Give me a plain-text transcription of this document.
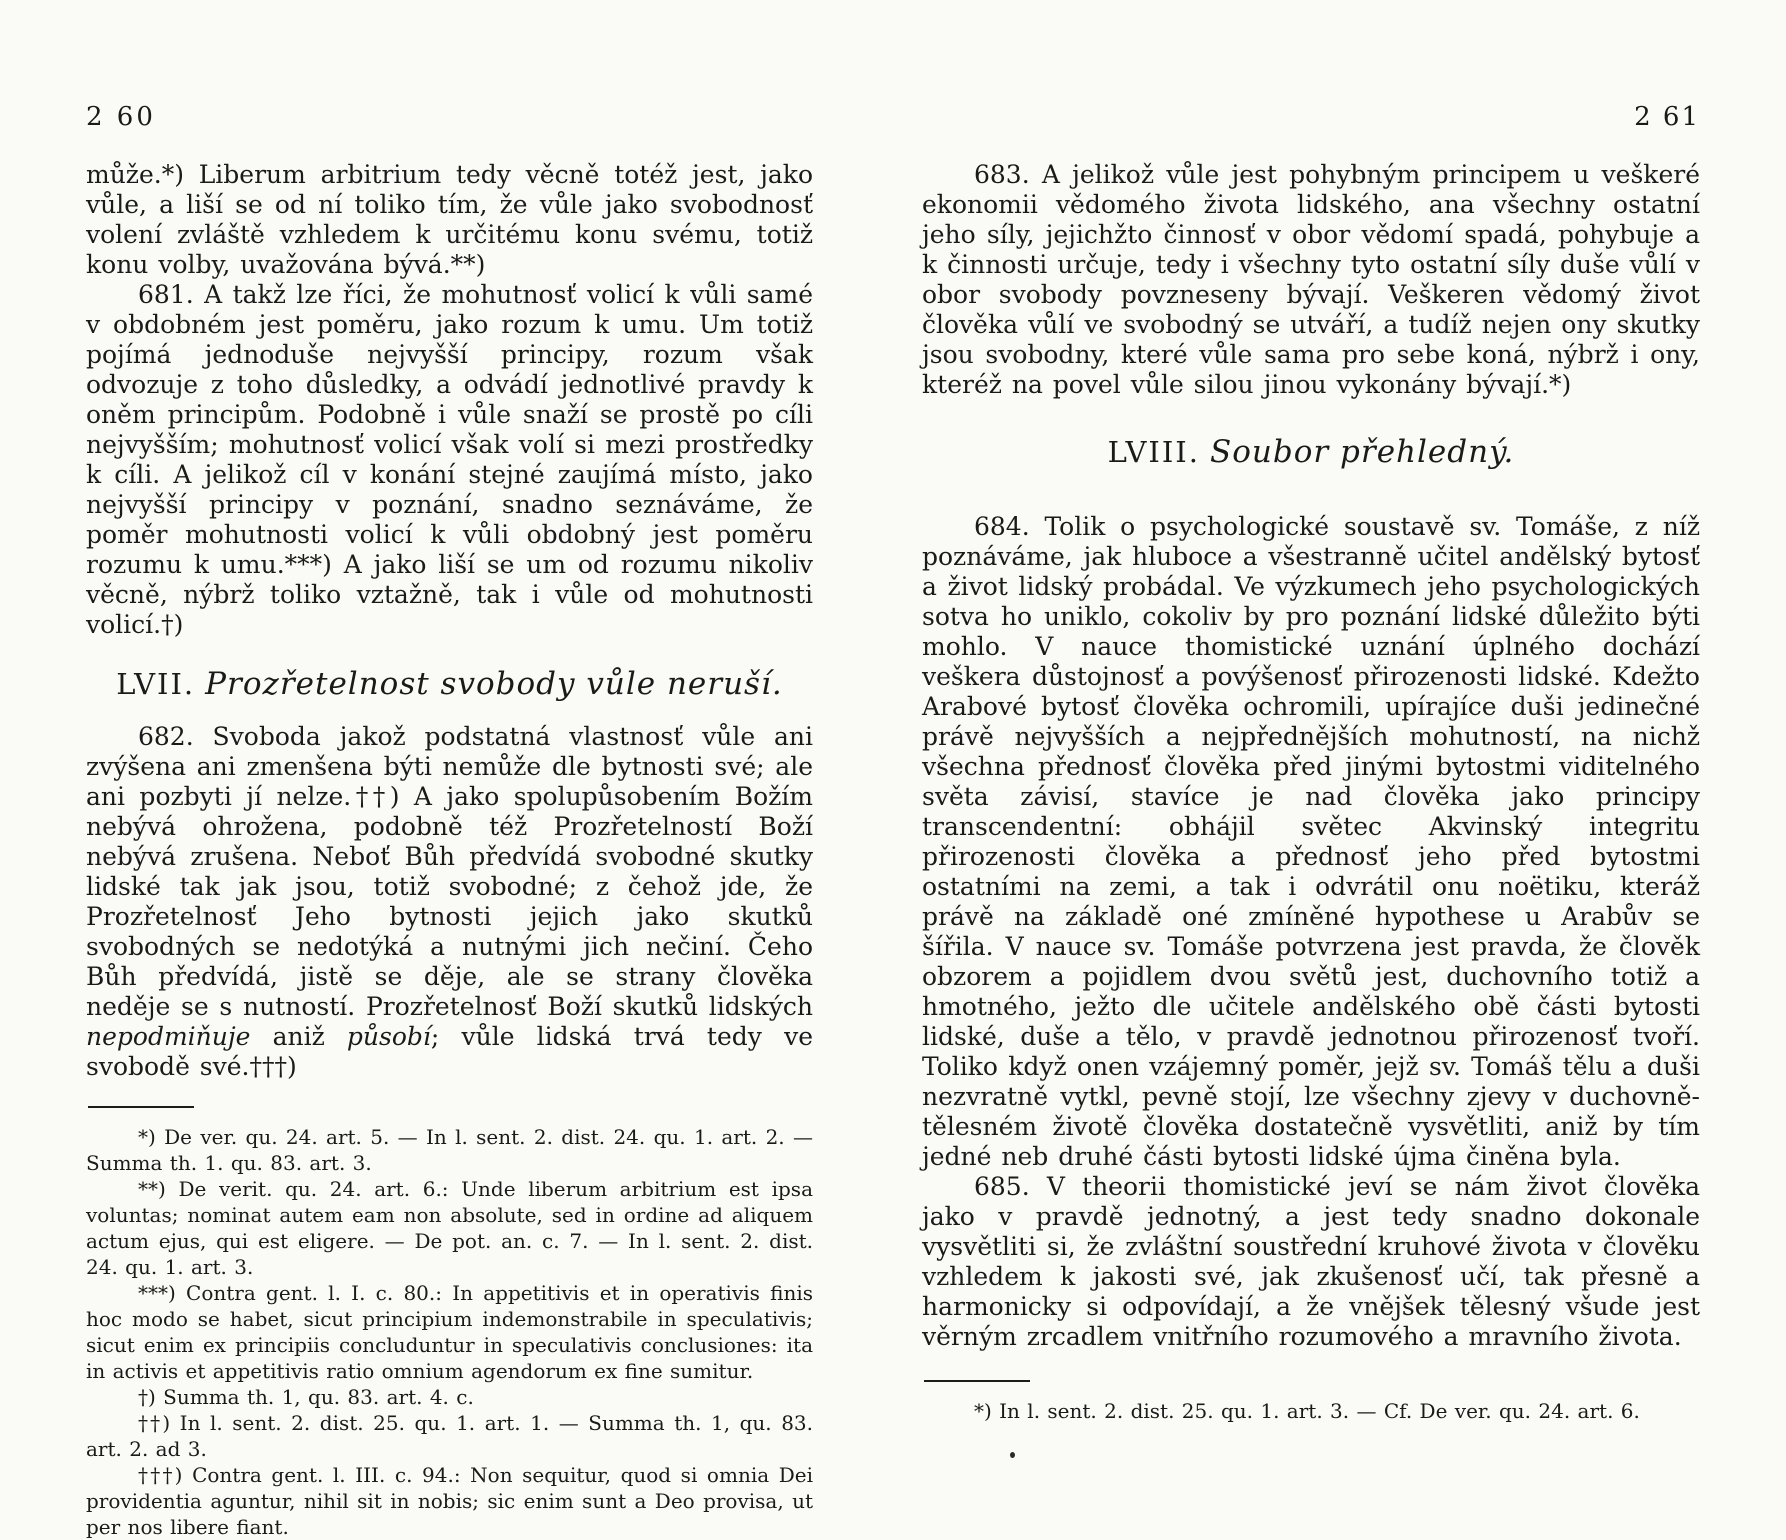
2 60

může.*) Liberum arbitrium tedy věcně totéž jest, jako vůle, a liší se od ní toliko tím, že vůle jako svobodnosť volení zvláště vzhledem k určitému konu svému, totiž konu volby, uvažována bývá.**)

681. A takž lze říci, že mohutnosť volicí k vůli samé v obdobném jest poměru, jako rozum k umu. Um totiž pojímá jednoduše nejvyšší principy, rozum však odvozuje z toho důsledky, a odvádí jednotlivé pravdy k oněm principům. Podobně i vůle snaží se prostě po cíli nejvyšším; mohutnosť volicí však volí si mezi prostředky k cíli. A jelikož cíl v konání stejné zaujímá místo, jako nejvyšší principy v poznání, snadno seznáváme, že poměr mohutnosti volicí k vůli obdobný jest poměru rozumu k umu.***) A jako liší se um od rozumu nikoliv věcně, nýbrž toliko vztažně, tak i vůle od mohutnosti volicí.†)

LVII. Prozřetelnost svobody vůle neruší.

682. Svoboda jakož podstatná vlastnosť vůle ani zvýšena ani zmenšena býti nemůže dle bytnosti své; ale ani pozbyti jí nelze.††) A jako spolupůsobením Božím nebývá ohrožena, podobně též Prozřetelností Boží nebývá zrušena. Neboť Bůh předvídá svobodné skutky lidské tak jak jsou, totiž svobodné; z čehož jde, že Prozřetelnosť Jeho bytnosti jejich jako skutků svobodných se nedotýká a nutnými jich nečiní. Čeho Bůh předvídá, jistě se děje, ale se strany člověka neděje se s nutností. Prozřetelnosť Boží skutků lidských nepodmiňuje aniž působí; vůle lidská trvá tedy ve svobodě své.†††)

*) De ver. qu. 24. art. 5. — In l. sent. 2. dist. 24. qu. 1. art. 2. — Summa th. 1. qu. 83. art. 3.

**) De verit. qu. 24. art. 6.: Unde liberum arbitrium est ipsa voluntas; nominat autem eam non absolute, sed in ordine ad aliquem actum ejus, qui est eligere. — De pot. an. c. 7. — In l. sent. 2. dist. 24. qu. 1. art. 3.

***) Contra gent. l. I. c. 80.: In appetitivis et in operativis finis hoc modo se habet, sicut principium indemonstrabile in speculativis; sicut enim ex principiis concluduntur in speculativis conclusiones: ita in activis et appetitivis ratio omnium agendorum ex fine sumitur.

†) Summa th. 1, qu. 83. art. 4. c.

††) In l. sent. 2. dist. 25. qu. 1. art. 1. — Summa th. 1, qu. 83. art. 2. ad 3.

†††) Contra gent. l. III. c. 94.: Non sequitur, quod si omnia Dei providentia aguntur, nihil sit in nobis; sic enim sunt a Deo provisa, ut per nos libere fiant.

2 61

683. A jelikož vůle jest pohybným principem u veškeré ekonomii vědomého života lidského, ana všechny ostatní jeho síly, jejichžto činnosť v obor vědomí spadá, pohybuje a k činnosti určuje, tedy i všechny tyto ostatní síly duše vůlí v obor svobody povzneseny bývají. Veškeren vědomý život člověka vůlí ve svobodný se utváří, a tudíž nejen ony skutky jsou svobodny, které vůle sama pro sebe koná, nýbrž i ony, kteréž na povel vůle silou jinou vykonány bývají.*)

LVIII. Soubor přehledný.

684. Tolik o psychologické soustavě sv. Tomáše, z níž poznáváme, jak hluboce a všestranně učitel andělský bytosť a život lidský probádal. Ve výzkumech jeho psychologických sotva ho uniklo, cokoliv by pro poznání lidské důležito býti mohlo. V nauce thomistické uznání úplného dochází veškera důstojnosť a povýšenosť přirozenosti lidské. Kdežto Arabové bytosť člověka ochromili, upírajíce duši jedinečné právě nejvyšších a nejpřednějších mohutností, na nichž všechna přednosť člověka před jinými bytostmi viditelného světa závisí, stavíce je nad člověka jako principy transcendentní: obhájil světec Akvinský integritu přirozenosti člověka a přednosť jeho před bytostmi ostatními na zemi, a tak i odvrátil onu noëtiku, kteráž právě na základě oné zmíněné hypothese u Arabův se šířila. V nauce sv. Tomáše potvrzena jest pravda, že člověk obzorem a pojidlem dvou světů jest, duchovního totiž a hmotného, ježto dle učitele andělského obě části bytosti lidské, duše a tělo, v pravdě jednotnou přirozenosť tvoří. Toliko když onen vzájemný poměr, jejž sv. Tomáš tělu a duši nezvratně vytkl, pevně stojí, lze všechny zjevy v duchovně-tělesném životě člověka dostatečně vysvětliti, aniž by tím jedné neb druhé části bytosti lidské újma činěna byla.

685. V theorii thomistické jeví se nám život člověka jako v pravdě jednotný, a jest tedy snadno dokonale vysvětliti si, že zvláštní soustřední kruhové života v člověku vzhledem k jakosti své, jak zkušenosť učí, tak přesně a harmonicky si odpovídají, a že vnějšek tělesný všude jest věrným zrcadlem vnitřního rozumového a mravního života.

*) In l. sent. 2. dist. 25. qu. 1. art. 3. — Cf. De ver. qu. 24. art. 6.
